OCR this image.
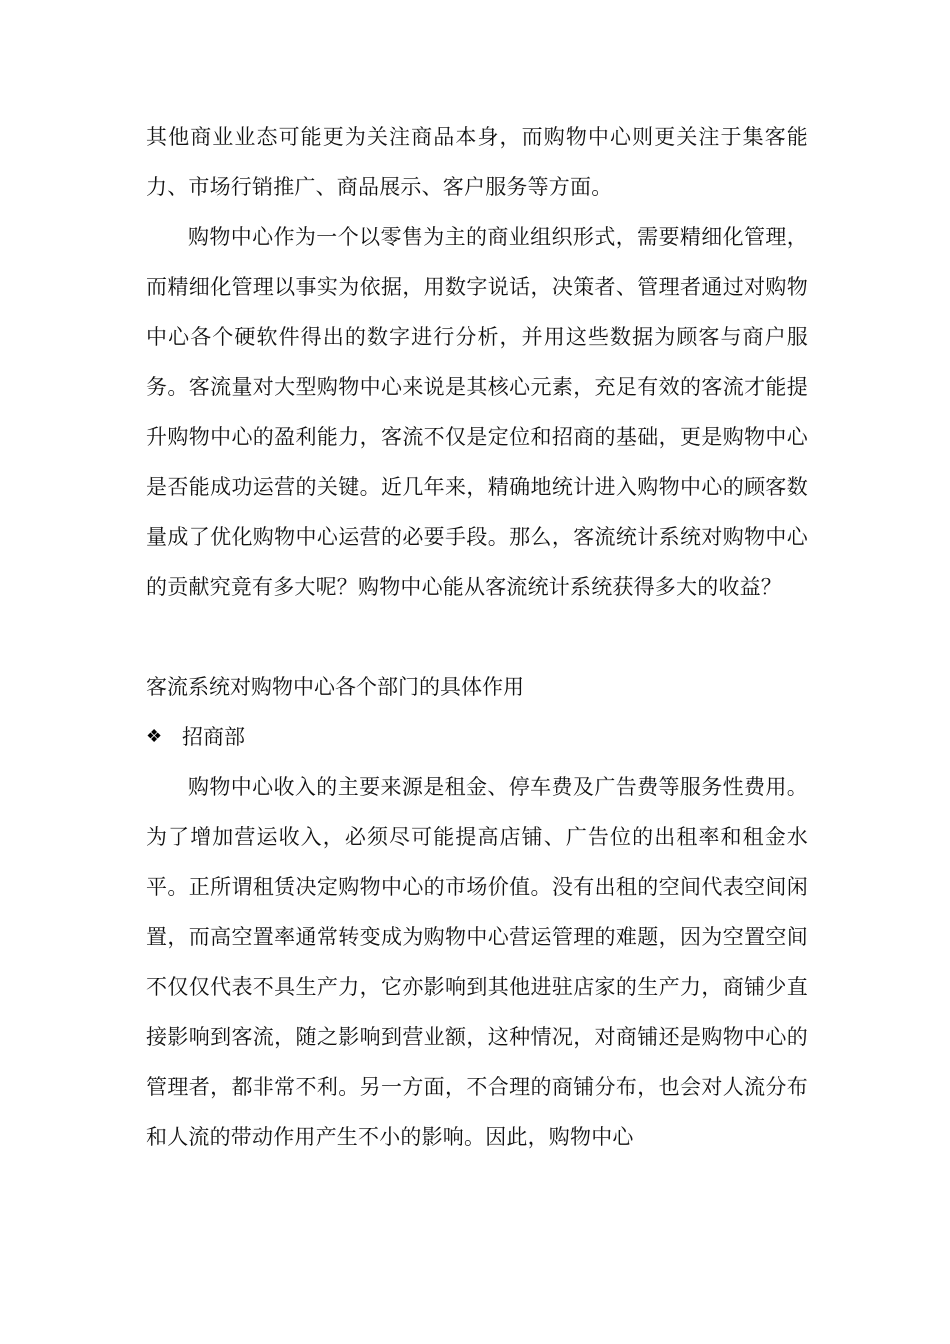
其他商业业态可能更为关注商品本身，而购物中心则更关注于集客能力、市场行销推广、商品展示、客户服务等方面。

购物中心作为一个以零售为主的商业组织形式，需要精细化管理，而精细化管理以事实为依据，用数字说话，决策者、管理者通过对购物中心各个硬软件得出的数字进行分析，并用这些数据为顾客与商户服务。客流量对大型购物中心来说是其核心元素，充足有效的客流才能提升购物中心的盈利能力，客流不仅是定位和招商的基础，更是购物中心是否能成功运营的关键。近几年来，精确地统计进入购物中心的顾客数量成了优化购物中心运营的必要手段。那么，客流统计系统对购物中心的贡献究竟有多大呢？购物中心能从客流统计系统获得多大的收益？

客流系统对购物中心各个部门的具体作用

❖ 招商部

购物中心收入的主要来源是租金、停车费及广告费等服务性费用。为了增加营运收入，必须尽可能提高店铺、广告位的出租率和租金水平。正所谓租赁决定购物中心的市场价值。没有出租的空间代表空间闲置，而高空置率通常转变成为购物中心营运管理的难题，因为空置空间不仅仅代表不具生产力，它亦影响到其他进驻店家的生产力，商铺少直接影响到客流，随之影响到营业额，这种情况，对商铺还是购物中心的管理者，都非常不利。另一方面，不合理的商铺分布，也会对人流分布和人流的带动作用产生不小的影响。因此，购物中心
